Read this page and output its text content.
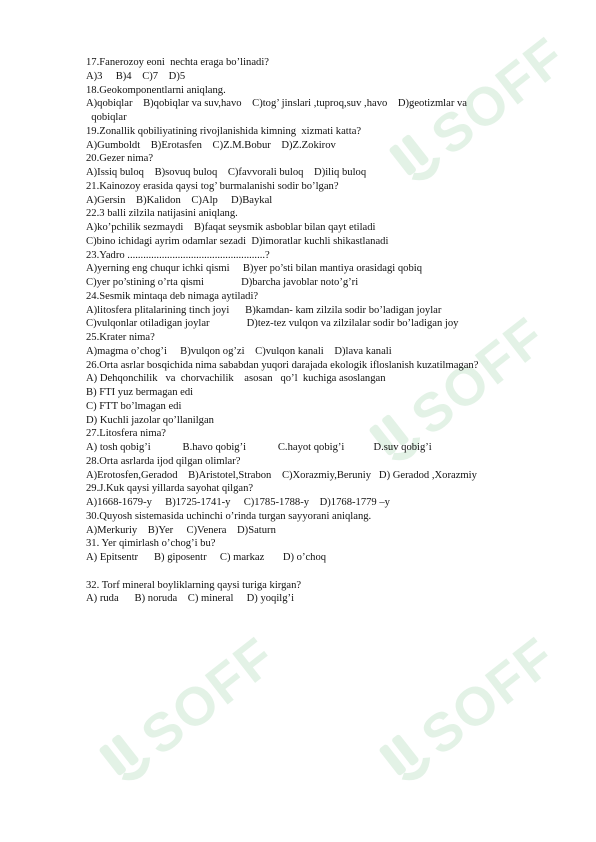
SOFF
SOFF
SOFF SOFF
17.Fanerozoy eoni  nechta eraga bo’linadi?
A)3     B)4    C)7    D)5
18.Geokomponentlarni aniqlang.
A)qobiqlar    B)qobiqlar va suv,havo    C)tog’ jinslari ,tuproq,suv ,havo    D)geotizmlar va
qobiqlar
19.Zonallik qobiliyatining rivojlanishida kimning  xizmati katta?
A)Gumboldt    B)Erotasfen    C)Z.M.Bobur    D)Z.Zokirov
20.Gezer nima?
A)Issiq buloq    B)sovuq buloq    C)favvorali buloq    D)iliq buloq
21.Kainozoy erasida qaysi tog’ burmalanishi sodir bo’lgan?
A)Gersin    B)Kalidon    C)Alp     D)Baykal
22.3 balli zilzila natijasini aniqlang.
A)ko’pchilik sezmaydi    B)faqat seysmik asboblar bilan qayt etiladi
C)bino ichidagi ayrim odamlar sezadi  D)imoratlar kuchli shikastlanadi
23.Yadro ....................................................?
A)yerning eng chuqur ichki qismi     B)yer po’sti bilan mantiya orasidagi qobiq
C)yer po’stining o’rta qismi              D)barcha javoblar noto’g’ri
24.Sesmik mintaqa deb nimaga aytiladi?
A)litosfera plitalarining tinch joyi      B)kamdan- kam zilzila sodir bo’ladigan joylar
C)vulqonlar otiladigan joylar              D)tez-tez vulqon va zilzilalar sodir bo’ladigan joy
25.Krater nima?
A)magma o’chog’i     B)vulqon og’zi    C)vulqon kanali    D)lava kanali
26.Orta asrlar bosqichida nima sababdan yuqori darajada ekologik ifloslanish kuzatilmagan?
A) Dehqonchilik   va  chorvachilik    asosan   qo’l  kuchiga asoslangan
B) FTI yuz bermagan edi
C) FTT bo’lmagan edi
D) Kuchli jazolar qo’llanilgan
27.Litosfera nima?
A) tosh qobig’i            B.havo qobig’i            C.hayot qobig’i           D.suv qobig’i
28.Orta asrlarda ijod qilgan olimlar?
A)Erotosfen,Geradod    B)Aristotel,Strabon    C)Xorazmiy,Beruniy   D) Geradod ,Xorazmiy
29.J.Kuk qaysi yillarda sayohat qilgan?
A)1668-1679-y     B)1725-1741-y     C)1785-1788-y    D)1768-1779 –y
30.Quyosh sistemasida uchinchi o’rinda turgan sayyorani aniqlang.
A)Merkuriy    B)Yer     C)Venera    D)Saturn
31. Yer qimirlash o’chog’i bu?
A) Epitsentr      B) giposentr     C) markaz       D) o’choq
32. Torf mineral boyliklarning qaysi turiga kirgan?
A) ruda      B) noruda    C) mineral     D) yoqilg’i
